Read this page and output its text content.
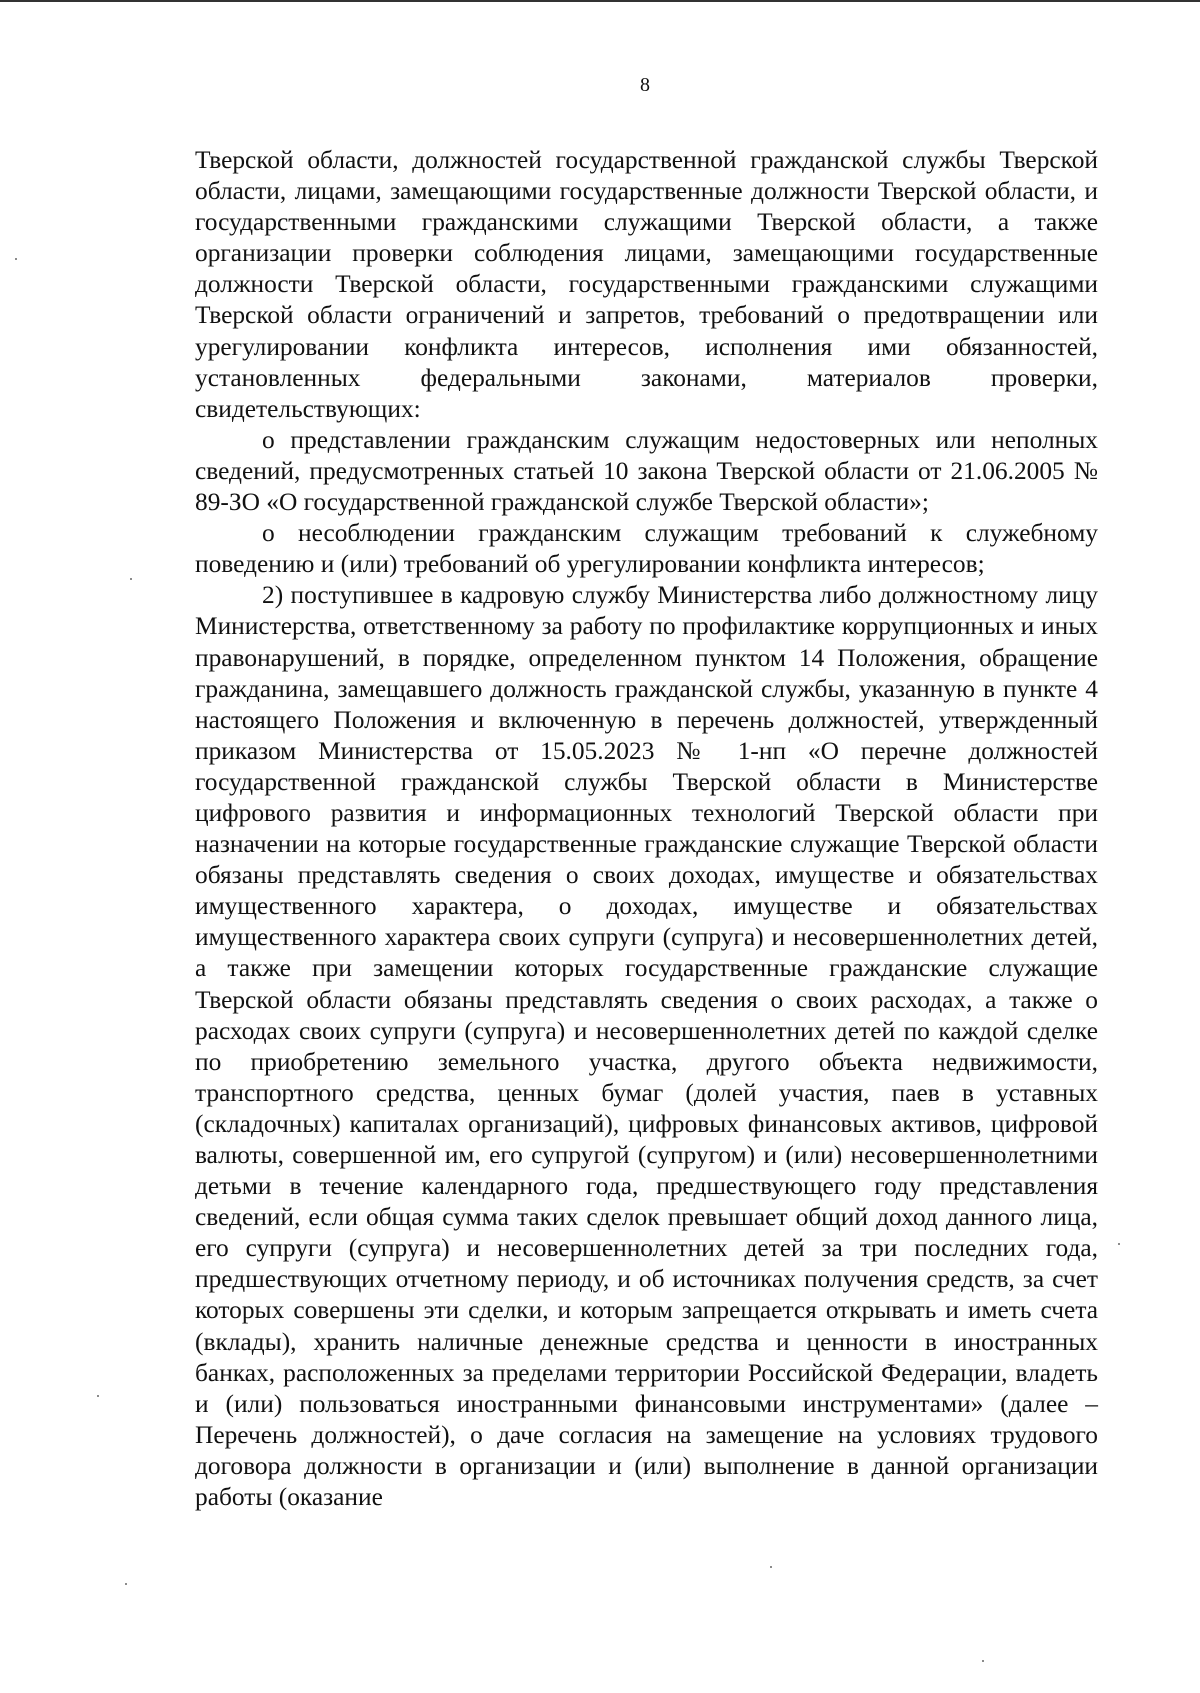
8

Тверской области, должностей государственной гражданской службы Тверской области, лицами, замещающими государственные должности Тверской области, и государственными гражданскими служащими Тверской области, а также организации проверки соблюдения лицами, замещающими государственные должности Тверской области, государственными гражданскими служащими Тверской области ограничений и запретов, требований о предотвращении или урегулировании конфликта интересов, исполнения ими обязанностей, установленных федеральными законами, материалов проверки, свидетельствующих:

о представлении гражданским служащим недостоверных или неполных сведений, предусмотренных статьей 10 закона Тверской области от 21.06.2005 № 89-ЗО «О государственной гражданской службе Тверской области»;

о несоблюдении гражданским служащим требований к служебному поведению и (или) требований об урегулировании конфликта интересов;

2) поступившее в кадровую службу Министерства либо должностному лицу Министерства, ответственному за работу по профилактике коррупционных и иных правонарушений, в порядке, определенном пунктом 14 Положения, обращение гражданина, замещавшего должность гражданской службы, указанную в пункте 4 настоящего Положения и включенную в перечень должностей, утвержденный приказом Министерства от 15.05.2023 № 1-нп «О перечне должностей государственной гражданской службы Тверской области в Министерстве цифрового развития и информационных технологий Тверской области при назначении на которые государственные гражданские служащие Тверской области обязаны представлять сведения о своих доходах, имуществе и обязательствах имущественного характера, о доходах, имуществе и обязательствах имущественного характера своих супруги (супруга) и несовершеннолетних детей, а также при замещении которых государственные гражданские служащие Тверской области обязаны представлять сведения о своих расходах, а также о расходах своих супруги (супруга) и несовершеннолетних детей по каждой сделке по приобретению земельного участка, другого объекта недвижимости, транспортного средства, ценных бумаг (долей участия, паев в уставных (складочных) капиталах организаций), цифровых финансовых активов, цифровой валюты, совершенной им, его супругой (супругом) и (или) несовершеннолетними детьми в течение календарного года, предшествующего году представления сведений, если общая сумма таких сделок превышает общий доход данного лица, его супруги (супруга) и несовершеннолетних детей за три последних года, предшествующих отчетному периоду, и об источниках получения средств, за счет которых совершены эти сделки, и которым запрещается открывать и иметь счета (вклады), хранить наличные денежные средства и ценности в иностранных банках, расположенных за пределами территории Российской Федерации, владеть и (или) пользоваться иностранными финансовыми инструментами» (далее – Перечень должностей), о даче согласия на замещение на условиях трудового договора должности в организации и (или) выполнение в данной организации работы (оказание
